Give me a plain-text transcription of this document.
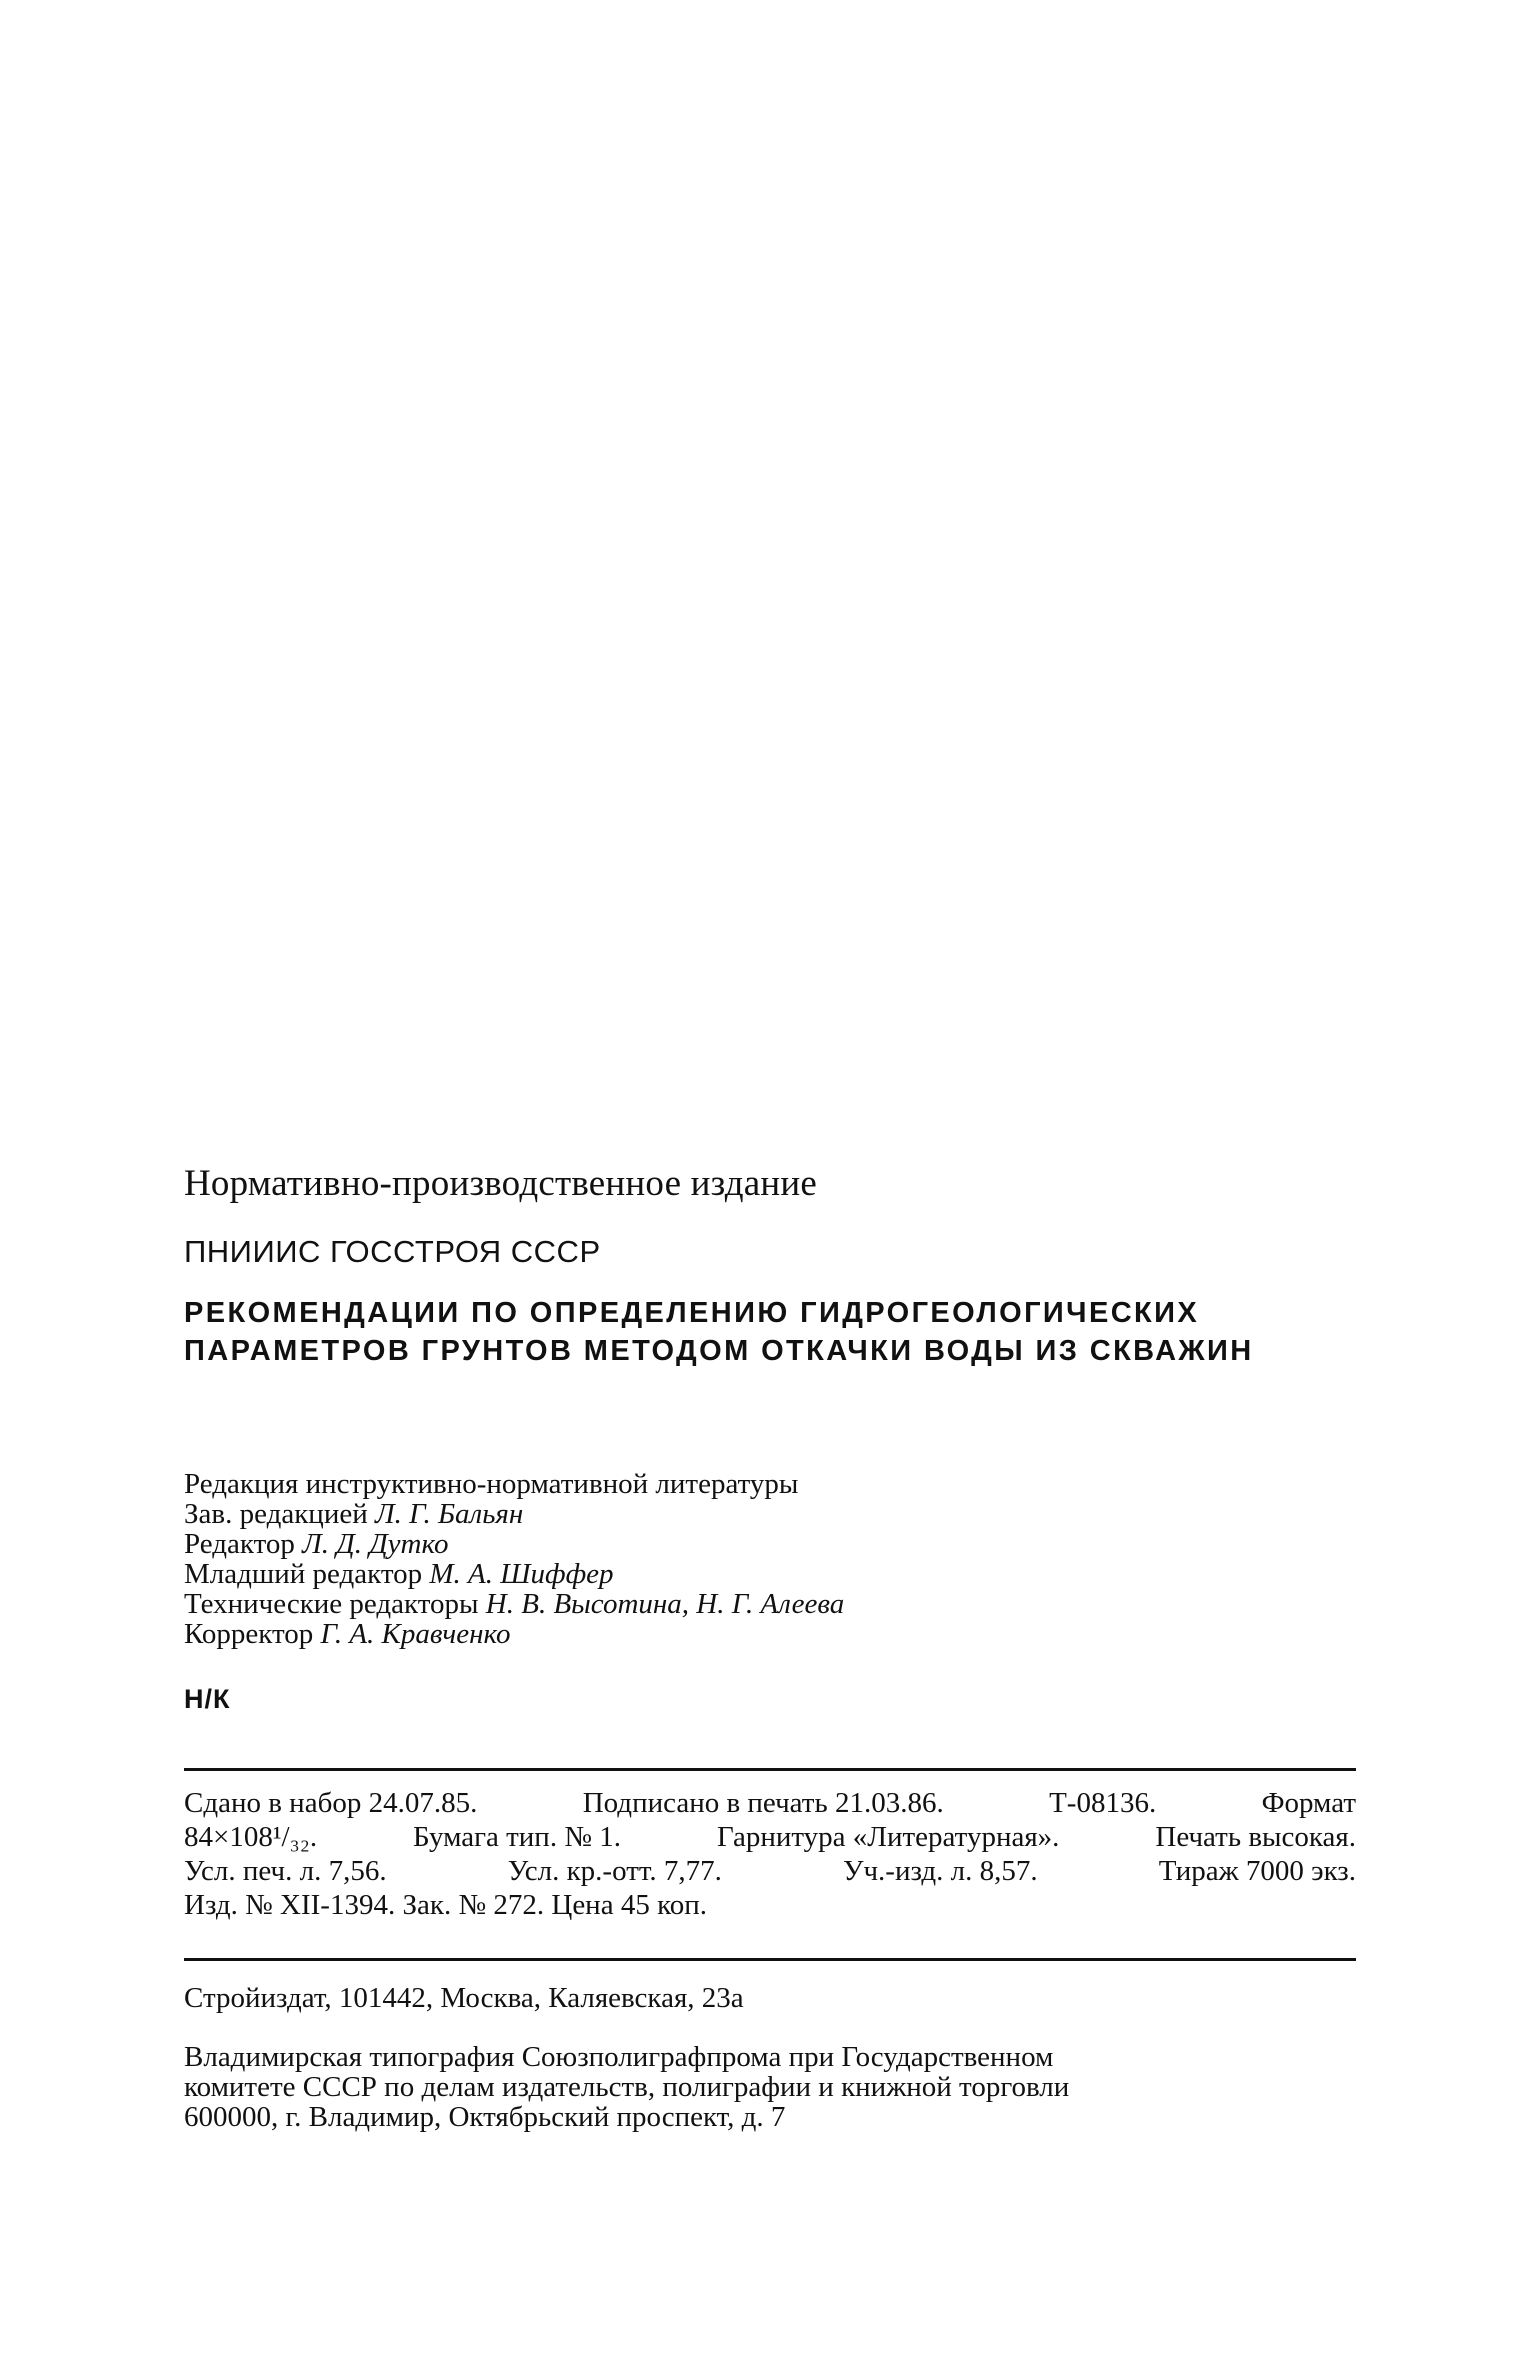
Нормативно-производственное издание
ПНИИИС ГОССТРОЯ СССР
РЕКОМЕНДАЦИИ ПО ОПРЕДЕЛЕНИЮ ГИДРОГЕОЛОГИЧЕСКИХ
ПАРАМЕТРОВ ГРУНТОВ МЕТОДОМ ОТКАЧКИ ВОДЫ ИЗ СКВАЖИН
Редакция инструктивно-нормативной литературы
Зав. редакцией Л. Г. Бальян
Редактор Л. Д. Дутко
Младший редактор М. А. Шиффер
Технические редакторы Н. В. Высотина, Н. Г. Алеева
Корректор Г. А. Кравченко
Н/К
Сдано в набор 24.07.85.	Подписано в печать 21.03.86.	Т-08136.	Формат
84×108¹/₃₂.	Бумага тип. № 1.	Гарнитура «Литературная».	Печать высокая.
Усл. печ. л. 7,56.	Усл. кр.-отт. 7,77.	Уч.-изд. л. 8,57.	Тираж 7000 экз.
Изд. № XII-1394. Зак. № 272. Цена 45 коп.
Стройиздат, 101442, Москва, Каляевская, 23а
Владимирская типография Союзполиграфпрома при Государственном
комитете СССР по делам издательств, полиграфии и книжной торговли
600000, г. Владимир, Октябрьский проспект, д. 7
